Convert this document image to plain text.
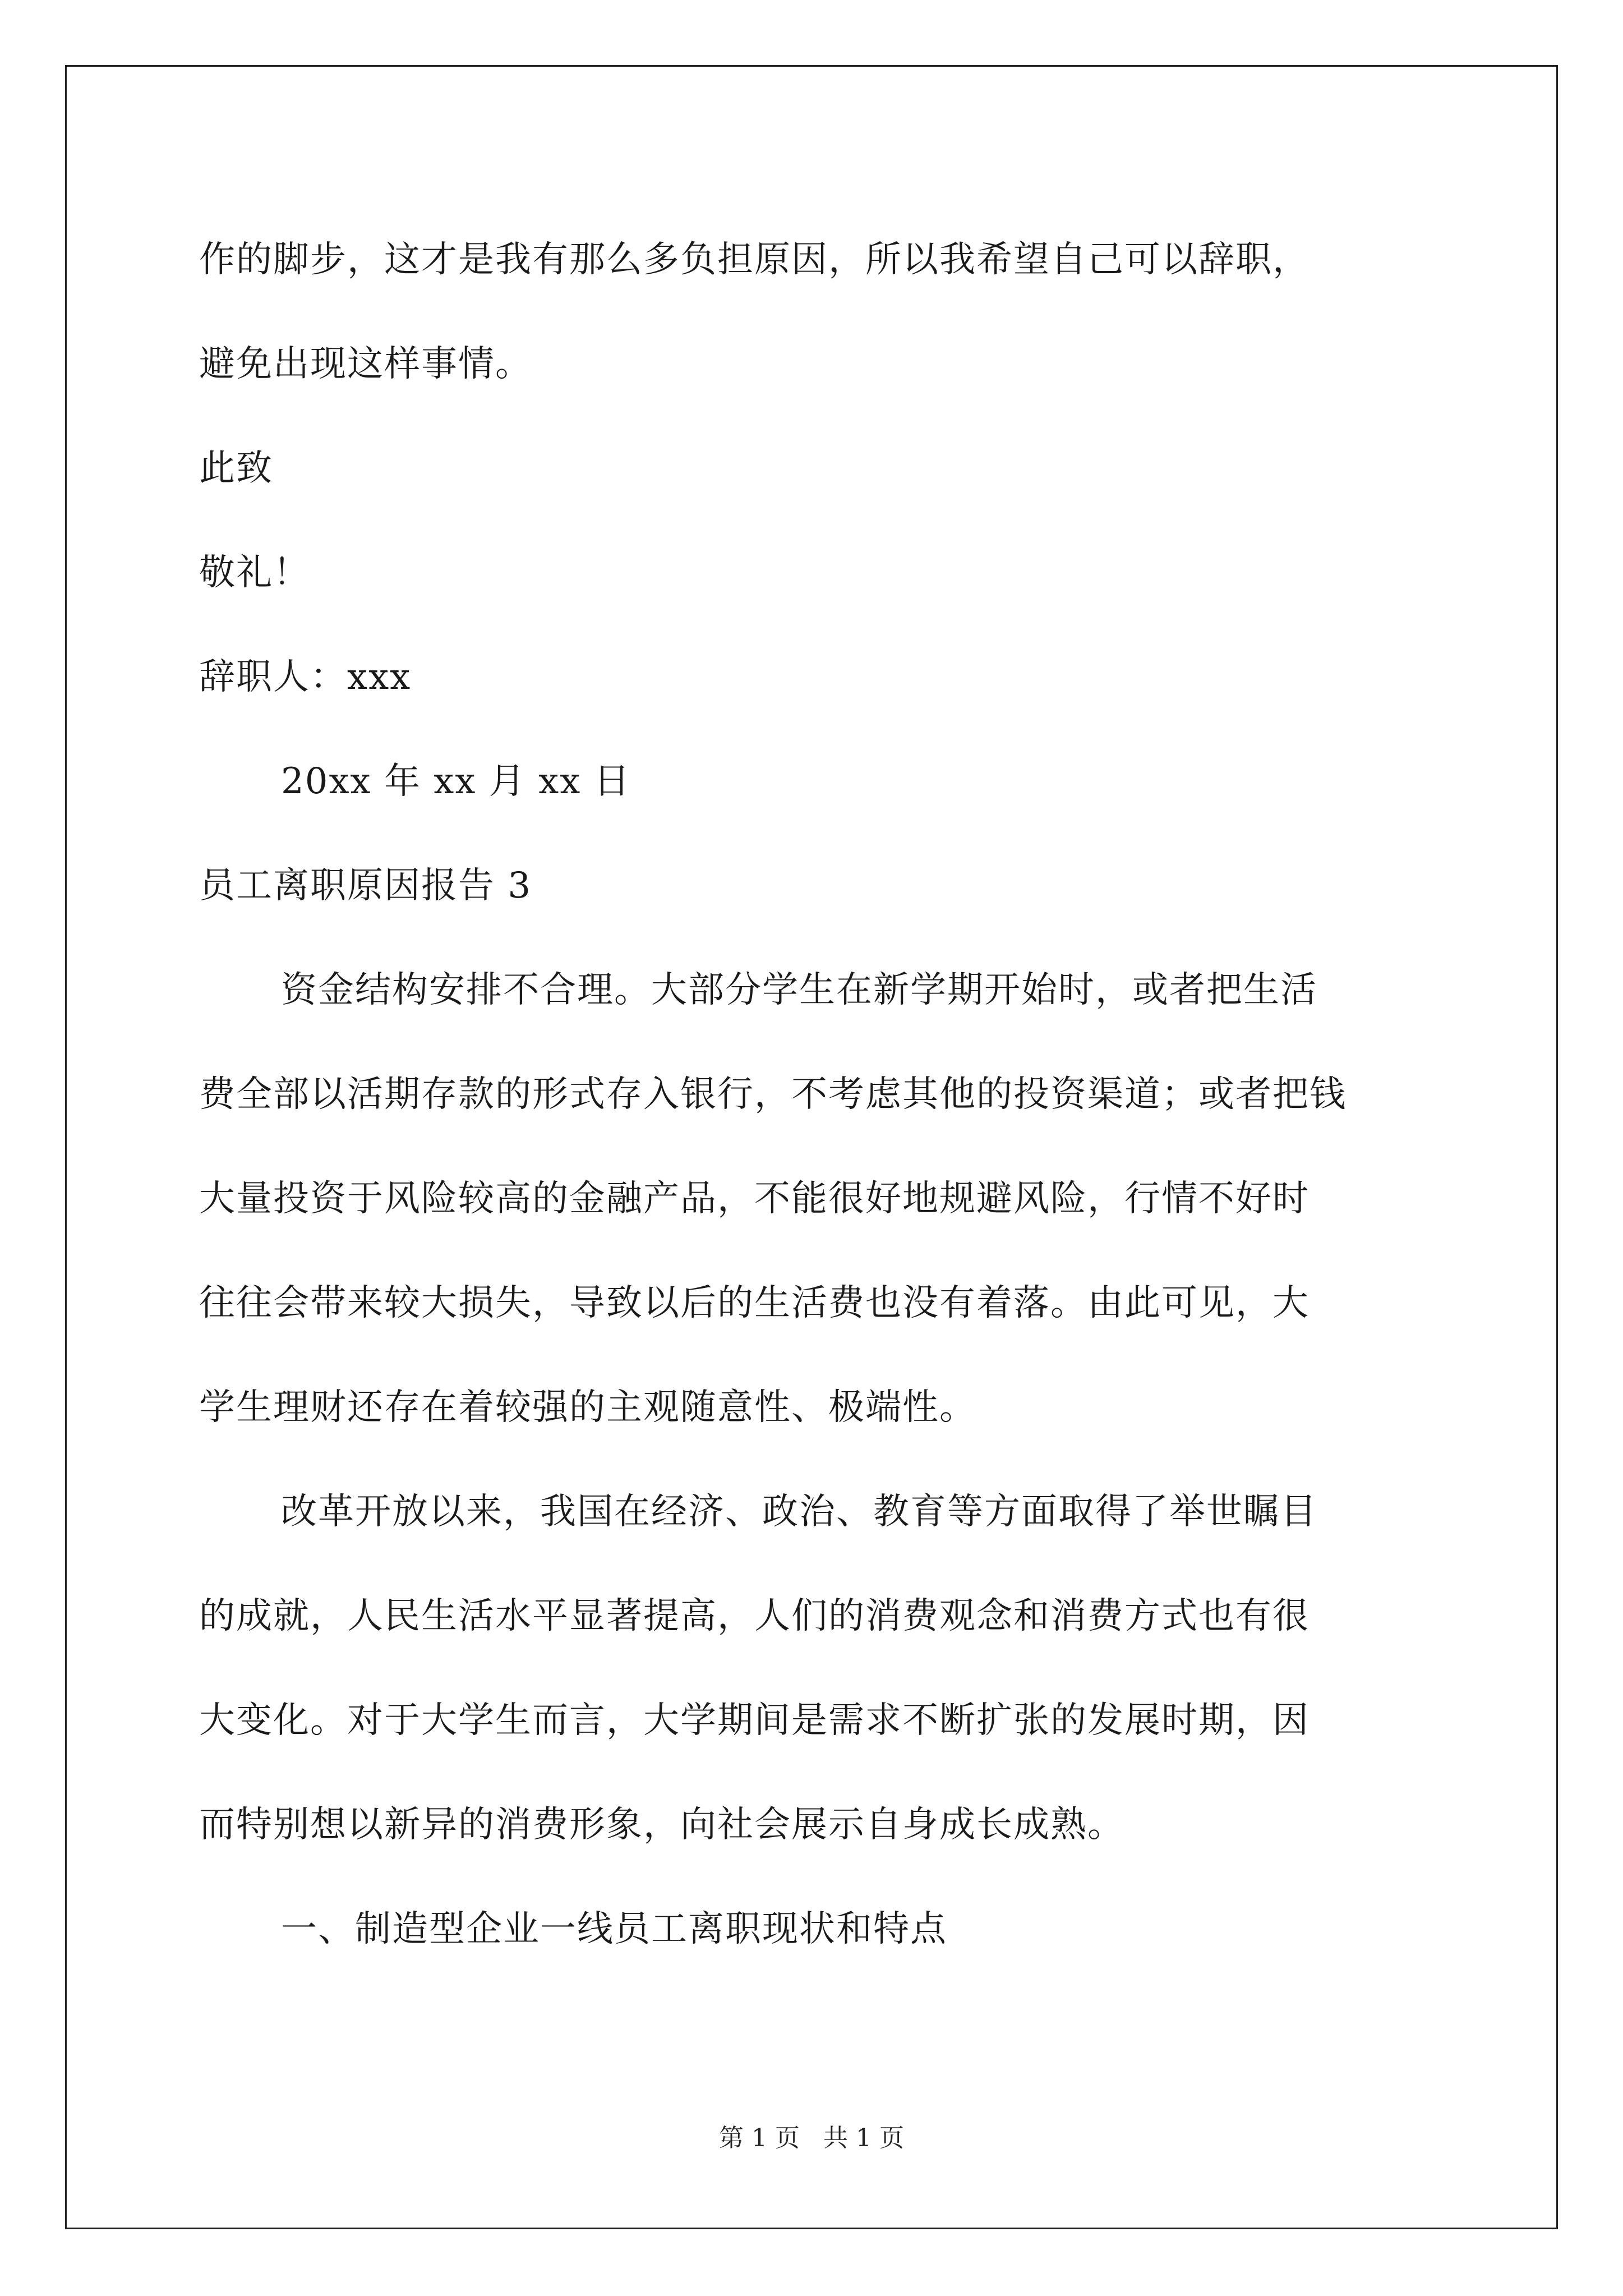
作的脚步，这才是我有那么多负担原因，所以我希望自己可以辞职，
避免出现这样事情。
此致
敬礼！
辞职人：xxx
20xx 年 xx 月 xx 日
员工离职原因报告 3
资金结构安排不合理。大部分学生在新学期开始时，或者把生活
费全部以活期存款的形式存入银行，不考虑其他的投资渠道；或者把钱
大量投资于风险较高的金融产品，不能很好地规避风险，行情不好时
往往会带来较大损失，导致以后的生活费也没有着落。由此可见，大
学生理财还存在着较强的主观随意性、极端性。
改革开放以来，我国在经济、政治、教育等方面取得了举世瞩目
的成就，人民生活水平显著提高，人们的消费观念和消费方式也有很
大变化。对于大学生而言，大学期间是需求不断扩张的发展时期，因
而特别想以新异的消费形象，向社会展示自身成长成熟。
一、制造型企业一线员工离职现状和特点
第 1 页 共 1 页
